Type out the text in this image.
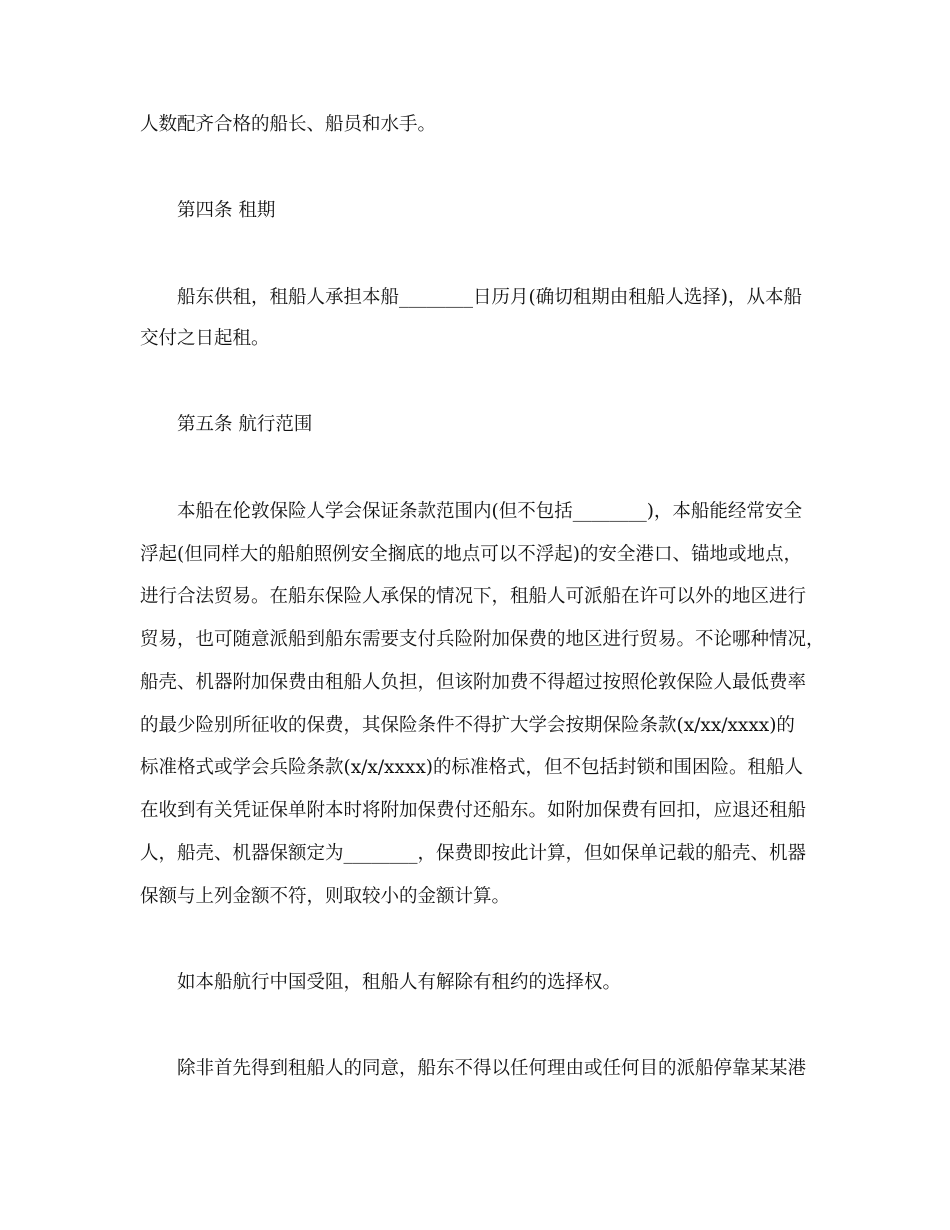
人数配齐合格的船长、船员和水手。
第四条 租期
船东供租，租船人承担本船________日历月(确切租期由租船人选择)，从本船
交付之日起租。
第五条 航行范围
本船在伦敦保险人学会保证条款范围内(但不包括________)，本船能经常安全
浮起(但同样大的船舶照例安全搁底的地点可以不浮起)的安全港口、锚地或地点，
进行合法贸易。在船东保险人承保的情况下，租船人可派船在许可以外的地区进行
贸易，也可随意派船到船东需要支付兵险附加保费的地区进行贸易。不论哪种情况，
船壳、机器附加保费由租船人负担，但该附加费不得超过按照伦敦保险人最低费率
的最少险别所征收的保费，其保险条件不得扩大学会按期保险条款(x/xx/xxxx)的
标准格式或学会兵险条款(x/x/xxxx)的标准格式，但不包括封锁和围困险。租船人
在收到有关凭证保单附本时将附加保费付还船东。如附加保费有回扣，应退还租船
人，船壳、机器保额定为________，保费即按此计算，但如保单记载的船壳、机器
保额与上列金额不符，则取较小的金额计算。
如本船航行中国受阻，租船人有解除有租约的选择权。
除非首先得到租船人的同意，船东不得以任何理由或任何目的派船停靠某某港
